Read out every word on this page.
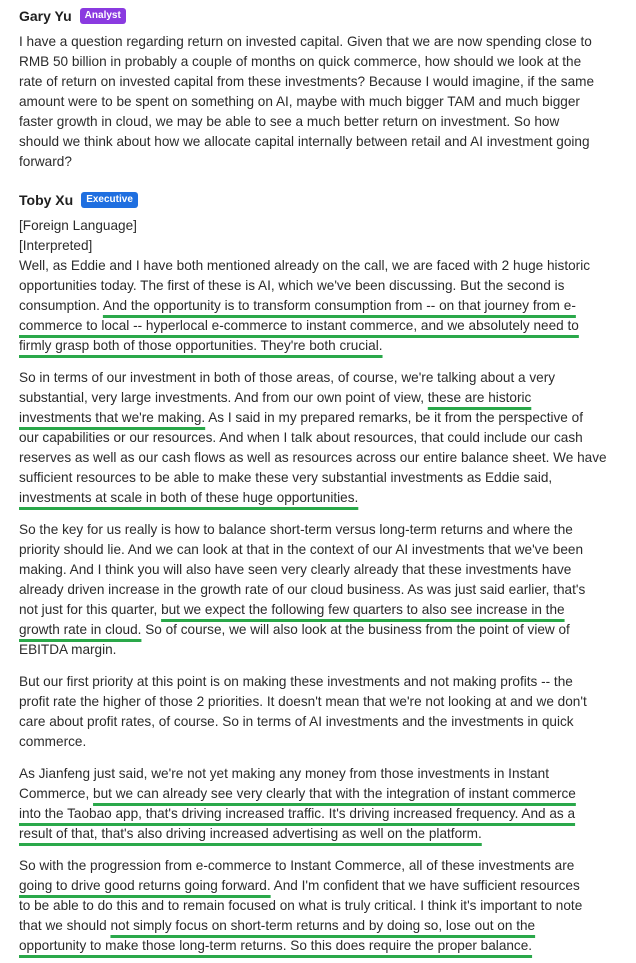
Gary Yu	Analyst
I have a question regarding return on invested capital. Given that we are now spending close to
RMB 50 billion in probably a couple of months on quick commerce, how should we look at the
rate of return on invested capital from these investments? Because I would imagine, if the same
amount were to be spent on something on AI, maybe with much bigger TAM and much bigger
faster growth in cloud, we may be able to see a much better return on investment. So how
should we think about how we allocate capital internally between retail and AI investment going
forward?
Toby Xu	Executive
[Foreign Language]
[Interpreted]
Well, as Eddie and I have both mentioned already on the call, we are faced with 2 huge historic
opportunities today. The first of these is AI, which we've been discussing. But the second is
consumption. And the opportunity is to transform consumption from -- on that journey from e-
commerce to local -- hyperlocal e-commerce to instant commerce, and we absolutely need to
firmly grasp both of those opportunities. They're both crucial.
So in terms of our investment in both of those areas, of course, we're talking about a very
substantial, very large investments. And from our own point of view, these are historic
investments that we're making. As I said in my prepared remarks, be it from the perspective of
our capabilities or our resources. And when I talk about resources, that could include our cash
reserves as well as our cash flows as well as resources across our entire balance sheet. We have
sufficient resources to be able to make these very substantial investments as Eddie said,
investments at scale in both of these huge opportunities.
So the key for us really is how to balance short-term versus long-term returns and where the
priority should lie. And we can look at that in the context of our AI investments that we've been
making. And I think you will also have seen very clearly already that these investments have
already driven increase in the growth rate of our cloud business. As was just said earlier, that's
not just for this quarter, but we expect the following few quarters to also see increase in the
growth rate in cloud. So of course, we will also look at the business from the point of view of
EBITDA margin.
But our first priority at this point is on making these investments and not making profits -- the
profit rate the higher of those 2 priorities. It doesn't mean that we're not looking at and we don't
care about profit rates, of course. So in terms of AI investments and the investments in quick
commerce.
As Jianfeng just said, we're not yet making any money from those investments in Instant
Commerce, but we can already see very clearly that with the integration of instant commerce
into the Taobao app, that's driving increased traffic. It's driving increased frequency. And as a
result of that, that's also driving increased advertising as well on the platform.
So with the progression from e-commerce to Instant Commerce, all of these investments are
going to drive good returns going forward. And I'm confident that we have sufficient resources
to be able to do this and to remain focused on what is truly critical. I think it's important to note
that we should not simply focus on short-term returns and by doing so, lose out on the
opportunity to make those long-term returns. So this does require the proper balance.
